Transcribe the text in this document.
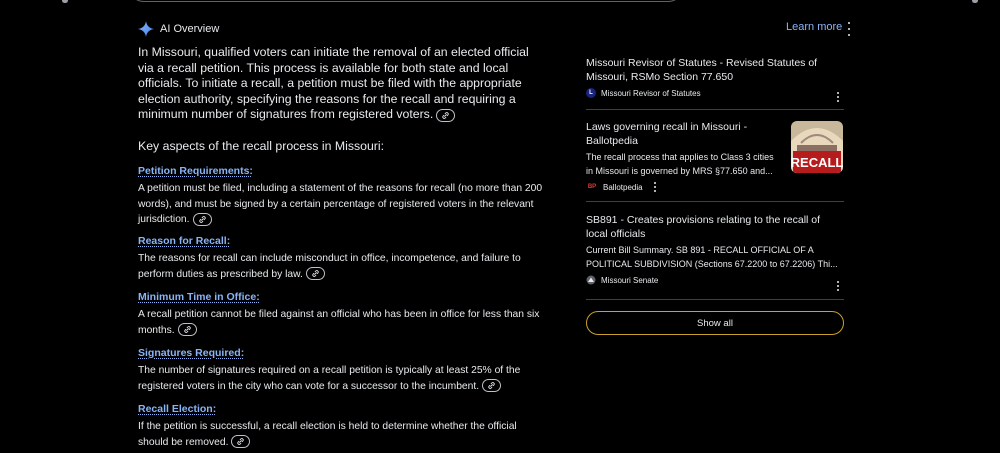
AI Overview	Learn more

In Missouri, qualified voters can initiate the removal of an elected official via a recall petition. This process is available for both state and local officials. To initiate a recall, a petition must be filed with the appropriate election authority, specifying the reasons for the recall and requiring a minimum number of signatures from registered voters.

Key aspects of the recall process in Missouri:
Petition Requirements:

A petition must be filed, including a statement of the reasons for recall (no more than 200 words), and must be signed by a certain percentage of registered voters in the relevant jurisdiction.

Reason for Recall:

The reasons for recall can include misconduct in office, incompetence, and failure to perform duties as prescribed by law.

Minimum Time in Office:

A recall petition cannot be filed against an official who has been in office for less than six months.

Signatures Required:

The number of signatures required on a recall petition is typically at least 25% of the registered voters in the city who can vote for a successor to the incumbent.

Recall Election:

If the petition is successful, a recall election is held to determine whether the official should be removed.

Missouri Revisor of Statutes - Revised Statutes of Missouri, RSMo Section 77.650
L	Missouri Revisor of Statutes
Laws governing recall in Missouri - Ballotpedia
The recall process that applies to Class 3 cities in Missouri is governed by MRS §77.650 and...
BP Ballotpedia
RECALL
SB891 - Creates provisions relating to the recall of local officials
Current Bill Summary. SB 891 - RECALL OFFICIAL OF A POLITICAL SUBDIVISION (Sections 67.2200 to 67.2206) Thi...
Missouri Senate
Show all
